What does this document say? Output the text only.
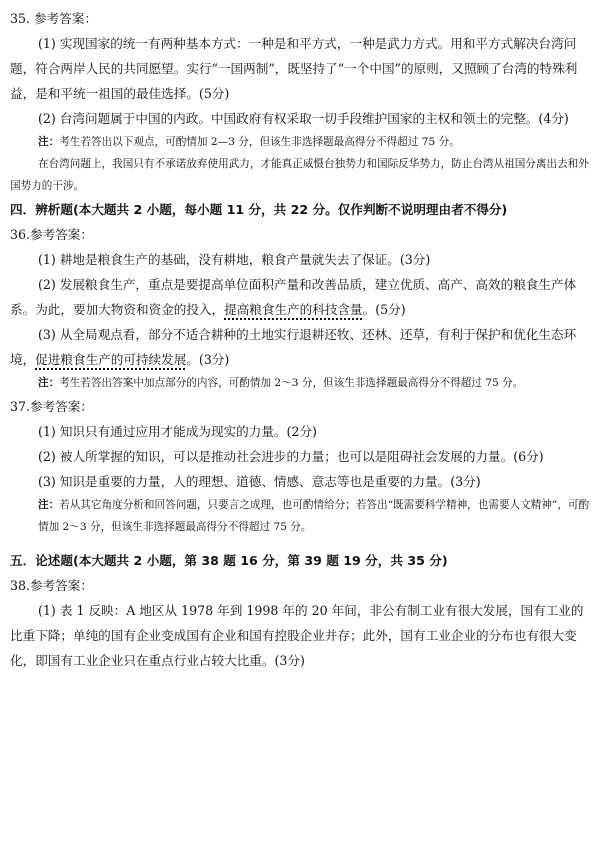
35. 参考答案：

(1) 实现国家的统一有两种基本方式：一种是和平方式，一种是武力方式。用和平方式解决台湾问题，符合两岸人民的共同愿望。实行“一国两制”，既坚持了“一个中国”的原则，又照顾了台湾的特殊利益，是和平统一祖国的最佳选择。(5分)

(2) 台湾问题属于中国的内政。中国政府有权采取一切手段维护国家的主权和领土的完整。(4分)

注：考生若答出以下观点，可酌情加 2—3 分，但该生非选择题最高得分不得超过 75 分。

在台湾问题上，我国只有不承诺放弃使用武力，才能真正威慑台独势力和国际反华势力，防止台湾从祖国分离出去和外国势力的干涉。

四．辨析题(本大题共 2 小题，每小题 11 分，共 22 分。仅作判断不说明理由者不得分)

36.参考答案：

(1) 耕地是粮食生产的基础，没有耕地，粮食产量就失去了保证。(3分)

(2) 发展粮食生产，重点是要提高单位面积产量和改善品质，建立优质、高产、高效的粮食生产体系。为此，要加大物资和资金的投入，提高粮食生产的科技含量。(5分)

(3) 从全局观点看，部分不适合耕种的土地实行退耕还牧、还林、还草，有利于保护和优化生态环境，促进粮食生产的可持续发展。(3分)

注：考生若答出答案中加点部分的内容，可酌情加 2～3 分，但该生非选择题最高得分不得超过 75 分。

37.参考答案：

(1) 知识只有通过应用才能成为现实的力量。(2分)

(2) 被人所掌握的知识，可以是推动社会进步的力量；也可以是阻碍社会发展的力量。(6分)

(3) 知识是重要的力量，人的理想、道德、情感、意志等也是重要的力量。(3分)

注：若从其它角度分析和回答问题，只要言之成理，也可酌情给分；若答出“既需要科学精神，也需要人文精神”，可酌情加 2～3 分，但该生非选择题最高得分不得超过 75 分。

五．论述题(本大题共 2 小题，第 38 题 16 分，第 39 题 19 分，共 35 分)

38.参考答案：

(1) 表 1 反映：A 地区从 1978 年到 1998 年的 20 年间，非公有制工业有很大发展，国有工业的比重下降；单纯的国有企业变成国有企业和国有控股企业并存；此外，国有工业企业的分布也有很大变化，即国有工业企业只在重点行业占较大比重。(3分)
